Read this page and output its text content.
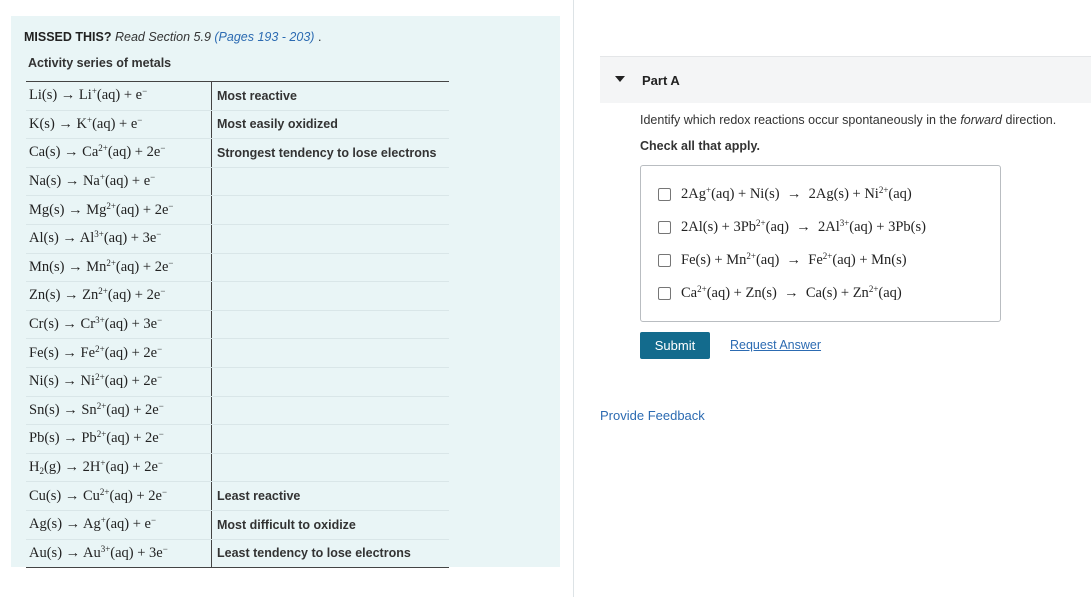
MISSED THIS? Read Section 5.9 (Pages 193 - 203) .
Activity series of metals
Li(s) → Li+(aq) + e−	Most reactive
K(s) → K+(aq) + e−	Most easily oxidized
$Ca(s) \to Ca^{2+}(aq) + 2e^-$	Strongest tendency to lose electrons
Na(s) → Na+(aq) + e−	
$Mg(s) \to Mg^{2+}(aq) + 2e^-$	
$Al(s) \to Al^{3+}(aq) + 3e^-$	
$Mn(s) \to Mn^{2+}(aq) + 2e^-$	
$Zn(s) \to Zn^{2+}(aq) + 2e^-$	
$Cr(s) \to Cr^{3+}(aq) + 3e^-$	
$Fe(s) \to Fe^{2+}(aq) + 2e^-$	
$Ni(s) \to Ni^{2+}(aq) + 2e^-$	
$Sn(s) \to Sn^{2+}(aq) + 2e^-$	
$Pb(s) \to Pb^{2+}(aq) + 2e^-$	
$H_2(g) \to 2H^+(aq) + 2e^-$	
$Cu(s) \to Cu^{2+}(aq) + 2e^-$	Least reactive
Ag(s) → Ag+(aq) + e−	Most difficult to oxidize
$Au(s) \to Au^{3+}(aq) + 3e^-$	Least tendency to lose electrons
Part A
Identify which redox reactions occur spontaneously in the forward direction.
Check all that apply.
$2Ag^+(aq) + Ni(s) \to 2Ag(s) + Ni^{2+}(aq)$
$2Al(s) + 3Pb^{2+}(aq) \to 2Al^{3+}(aq) + 3Pb(s)$
$Fe(s) + Mn^{2+}(aq) \to Fe^{2+}(aq) + Mn(s)$
$Ca^{2+}(aq) + Zn(s) \to Ca(s) + Zn^{2+}(aq)$
Submit	Request Answer
Provide Feedback
